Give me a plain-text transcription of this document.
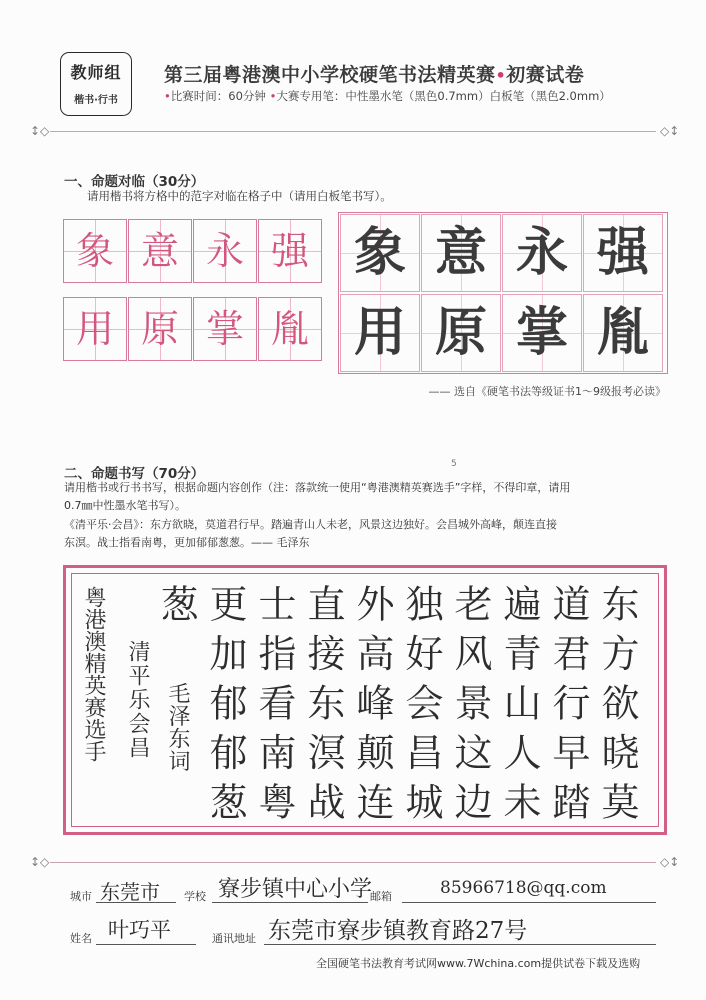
教师组
楷书·行书
第三届粤港澳中小学校硬笔书法精英赛•初赛试卷
•比赛时间：60分钟 •大赛专用笔：中性墨水笔（黑色0.7mm）白板笔（黑色2.0mm）
↕◇	◇↕
一、命题对临（30分）
请用楷书将方格中的范字对临在格子中（请用白板笔书写）。
象 意 永 强
用 原 掌 胤
象 意 永 强
用 原 掌 胤
—— 选自《硬笔书法等级证书1～9级报考必读》
5
二、命题书写（70分）
请用楷书或行书书写，根据命题内容创作（注：落款统一使用“粤港澳精英赛选手”字样，不得印章，请用
0.7㎜中性墨水笔书写）。
《清平乐·会昌》：东方欲晓，莫道君行早。踏遍青山人未老，风景这边独好。会昌城外高峰，颠连直接
东溟。战士指看南粤，更加郁郁葱葱。—— 毛泽东
东方欲晓莫
道君行早踏
遍青山人未
老风景这边
独好会昌城
外高峰颠连
直接东溟战
士指看南粤
更加郁郁葱
葱
毛泽东词
清平乐会昌
粤港澳精英赛选手
↕◇	◇↕
城市 东莞市 学校 寮步镇中心小学
邮箱	85966718@qq.com
姓名 叶巧平	通讯地址 东莞市寮步镇教育路27号
全国硬笔书法教育考试网www.7Wchina.com提供试卷下载及选购
